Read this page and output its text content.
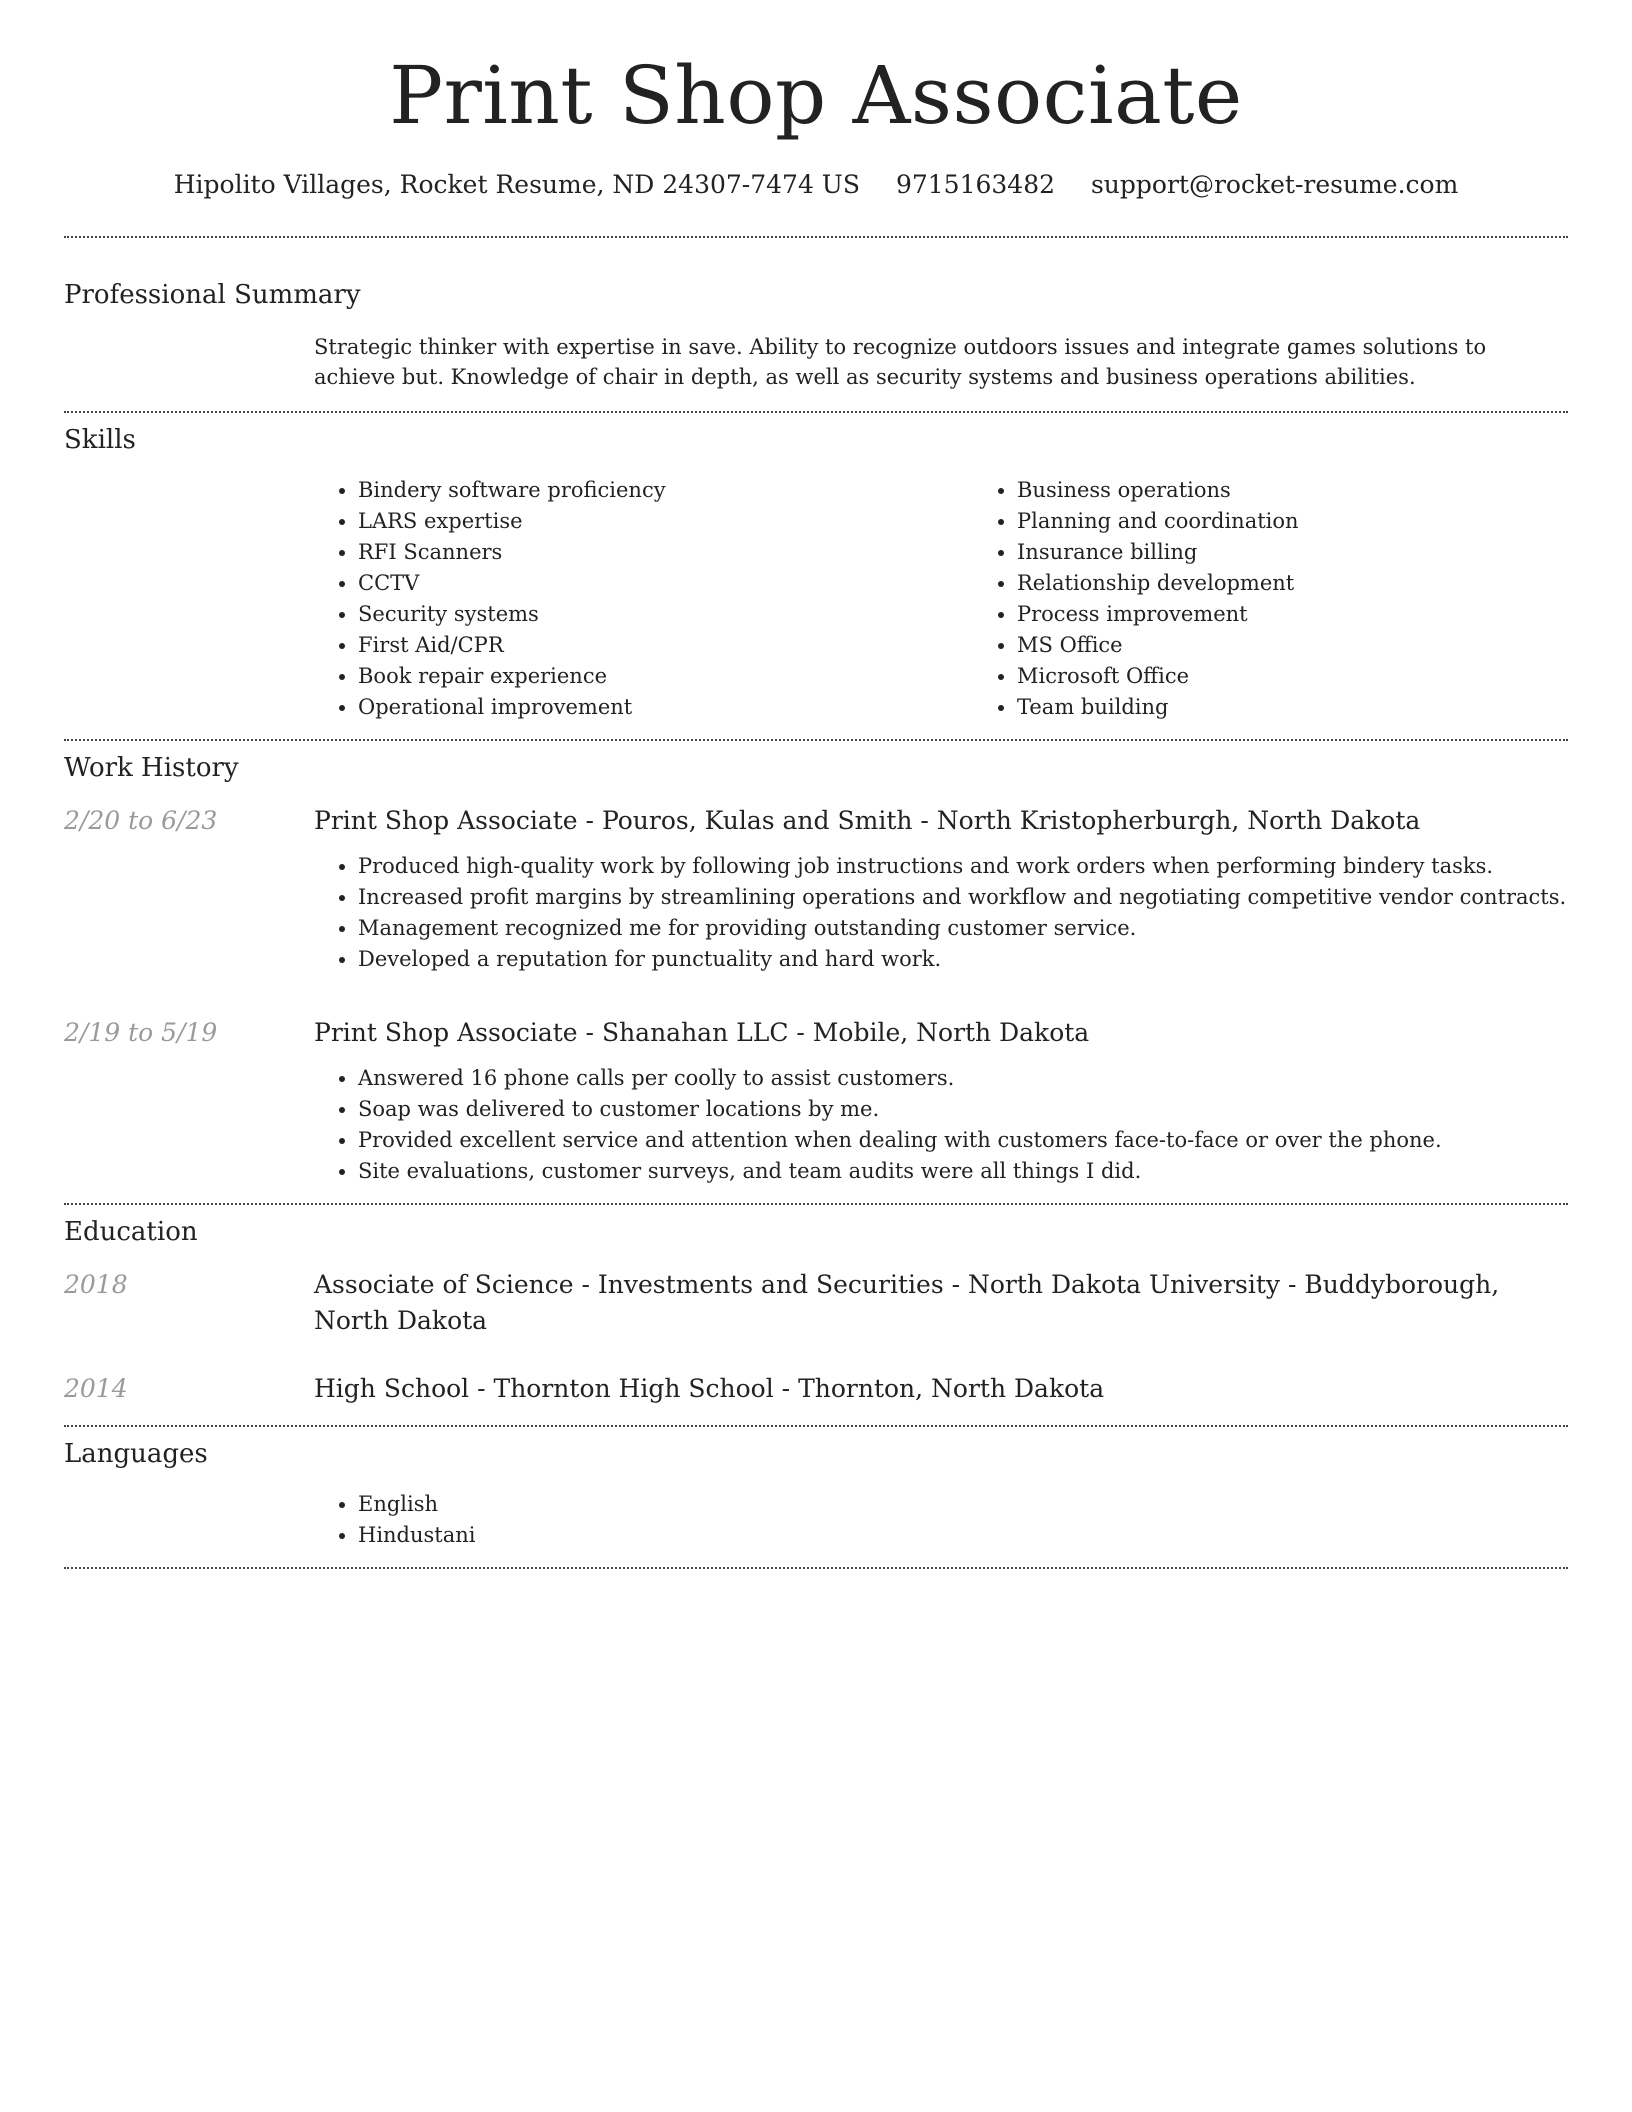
Print Shop Associate
Hipolito Villages, Rocket Resume, ND 24307-7474 US 9715163482 support@rocket-resume.com
Professional Summary
Strategic thinker with expertise in save. Ability to recognize outdoors issues and integrate games solutions to achieve but. Knowledge of chair in depth, as well as security systems and business operations abilities.
Skills
• Bindery software proficiency
• LARS expertise
• RFI Scanners
• CCTV
• Security systems
• First Aid/CPR
• Book repair experience
• Operational improvement
• Business operations
• Planning and coordination
• Insurance billing
• Relationship development
• Process improvement
• MS Office
• Microsoft Office
• Team building
Work History
2/20 to 6/23	Print Shop Associate - Pouros, Kulas and Smith - North Kristopherburgh, North Dakota
• Produced high-quality work by following job instructions and work orders when performing bindery tasks.
• Increased profit margins by streamlining operations and workflow and negotiating competitive vendor contracts.
• Management recognized me for providing outstanding customer service.
• Developed a reputation for punctuality and hard work.
2/19 to 5/19	Print Shop Associate - Shanahan LLC - Mobile, North Dakota
• Answered 16 phone calls per coolly to assist customers.
• Soap was delivered to customer locations by me.
• Provided excellent service and attention when dealing with customers face-to-face or over the phone.
• Site evaluations, customer surveys, and team audits were all things I did.
Education
2018	Associate of Science - Investments and Securities - North Dakota University - Buddyborough, North Dakota
2014	High School - Thornton High School - Thornton, North Dakota
Languages
• English
• Hindustani
